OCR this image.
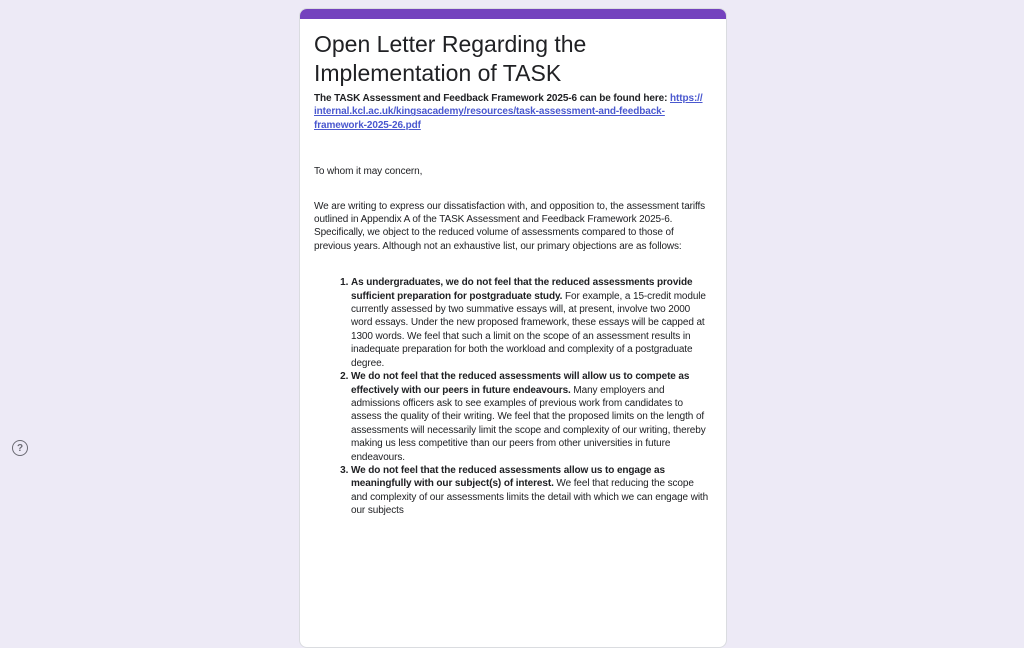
Open Letter Regarding the Implementation of TASK

The TASK Assessment and Feedback Framework 2025-6 can be found here: https://
internal.kcl.ac.uk/kingsacademy/resources/task-assessment-and-feedback-
framework-2025-26.pdf

To whom it may concern,

We are writing to express our dissatisfaction with, and opposition to, the assessment tariffs outlined in Appendix A of the TASK Assessment and Feedback Framework 2025-6. Specifically, we object to the reduced volume of assessments compared to those of previous years. Although not an exhaustive list, our primary objections are as follows:

1. As undergraduates, we do not feel that the reduced assessments provide sufficient preparation for postgraduate study. For example, a 15-credit module currently assessed by two summative essays will, at present, involve two 2000 word essays. Under the new proposed framework, these essays will be capped at 1300 words. We feel that such a limit on the scope of an assessment results in inadequate preparation for both the workload and complexity of a postgraduate degree.
2. We do not feel that the reduced assessments will allow us to compete as effectively with our peers in future endeavours. Many employers and admissions officers ask to see examples of previous work from candidates to assess the quality of their writing. We feel that the proposed limits on the length of assessments will necessarily limit the scope and complexity of our writing, thereby making us less competitive than our peers from other universities in future endeavours.
3. We do not feel that the reduced assessments allow us to engage as meaningfully with our subject(s) of interest. We feel that reducing the scope and complexity of our assessments limits the detail with which we can engage with our subjects
?
